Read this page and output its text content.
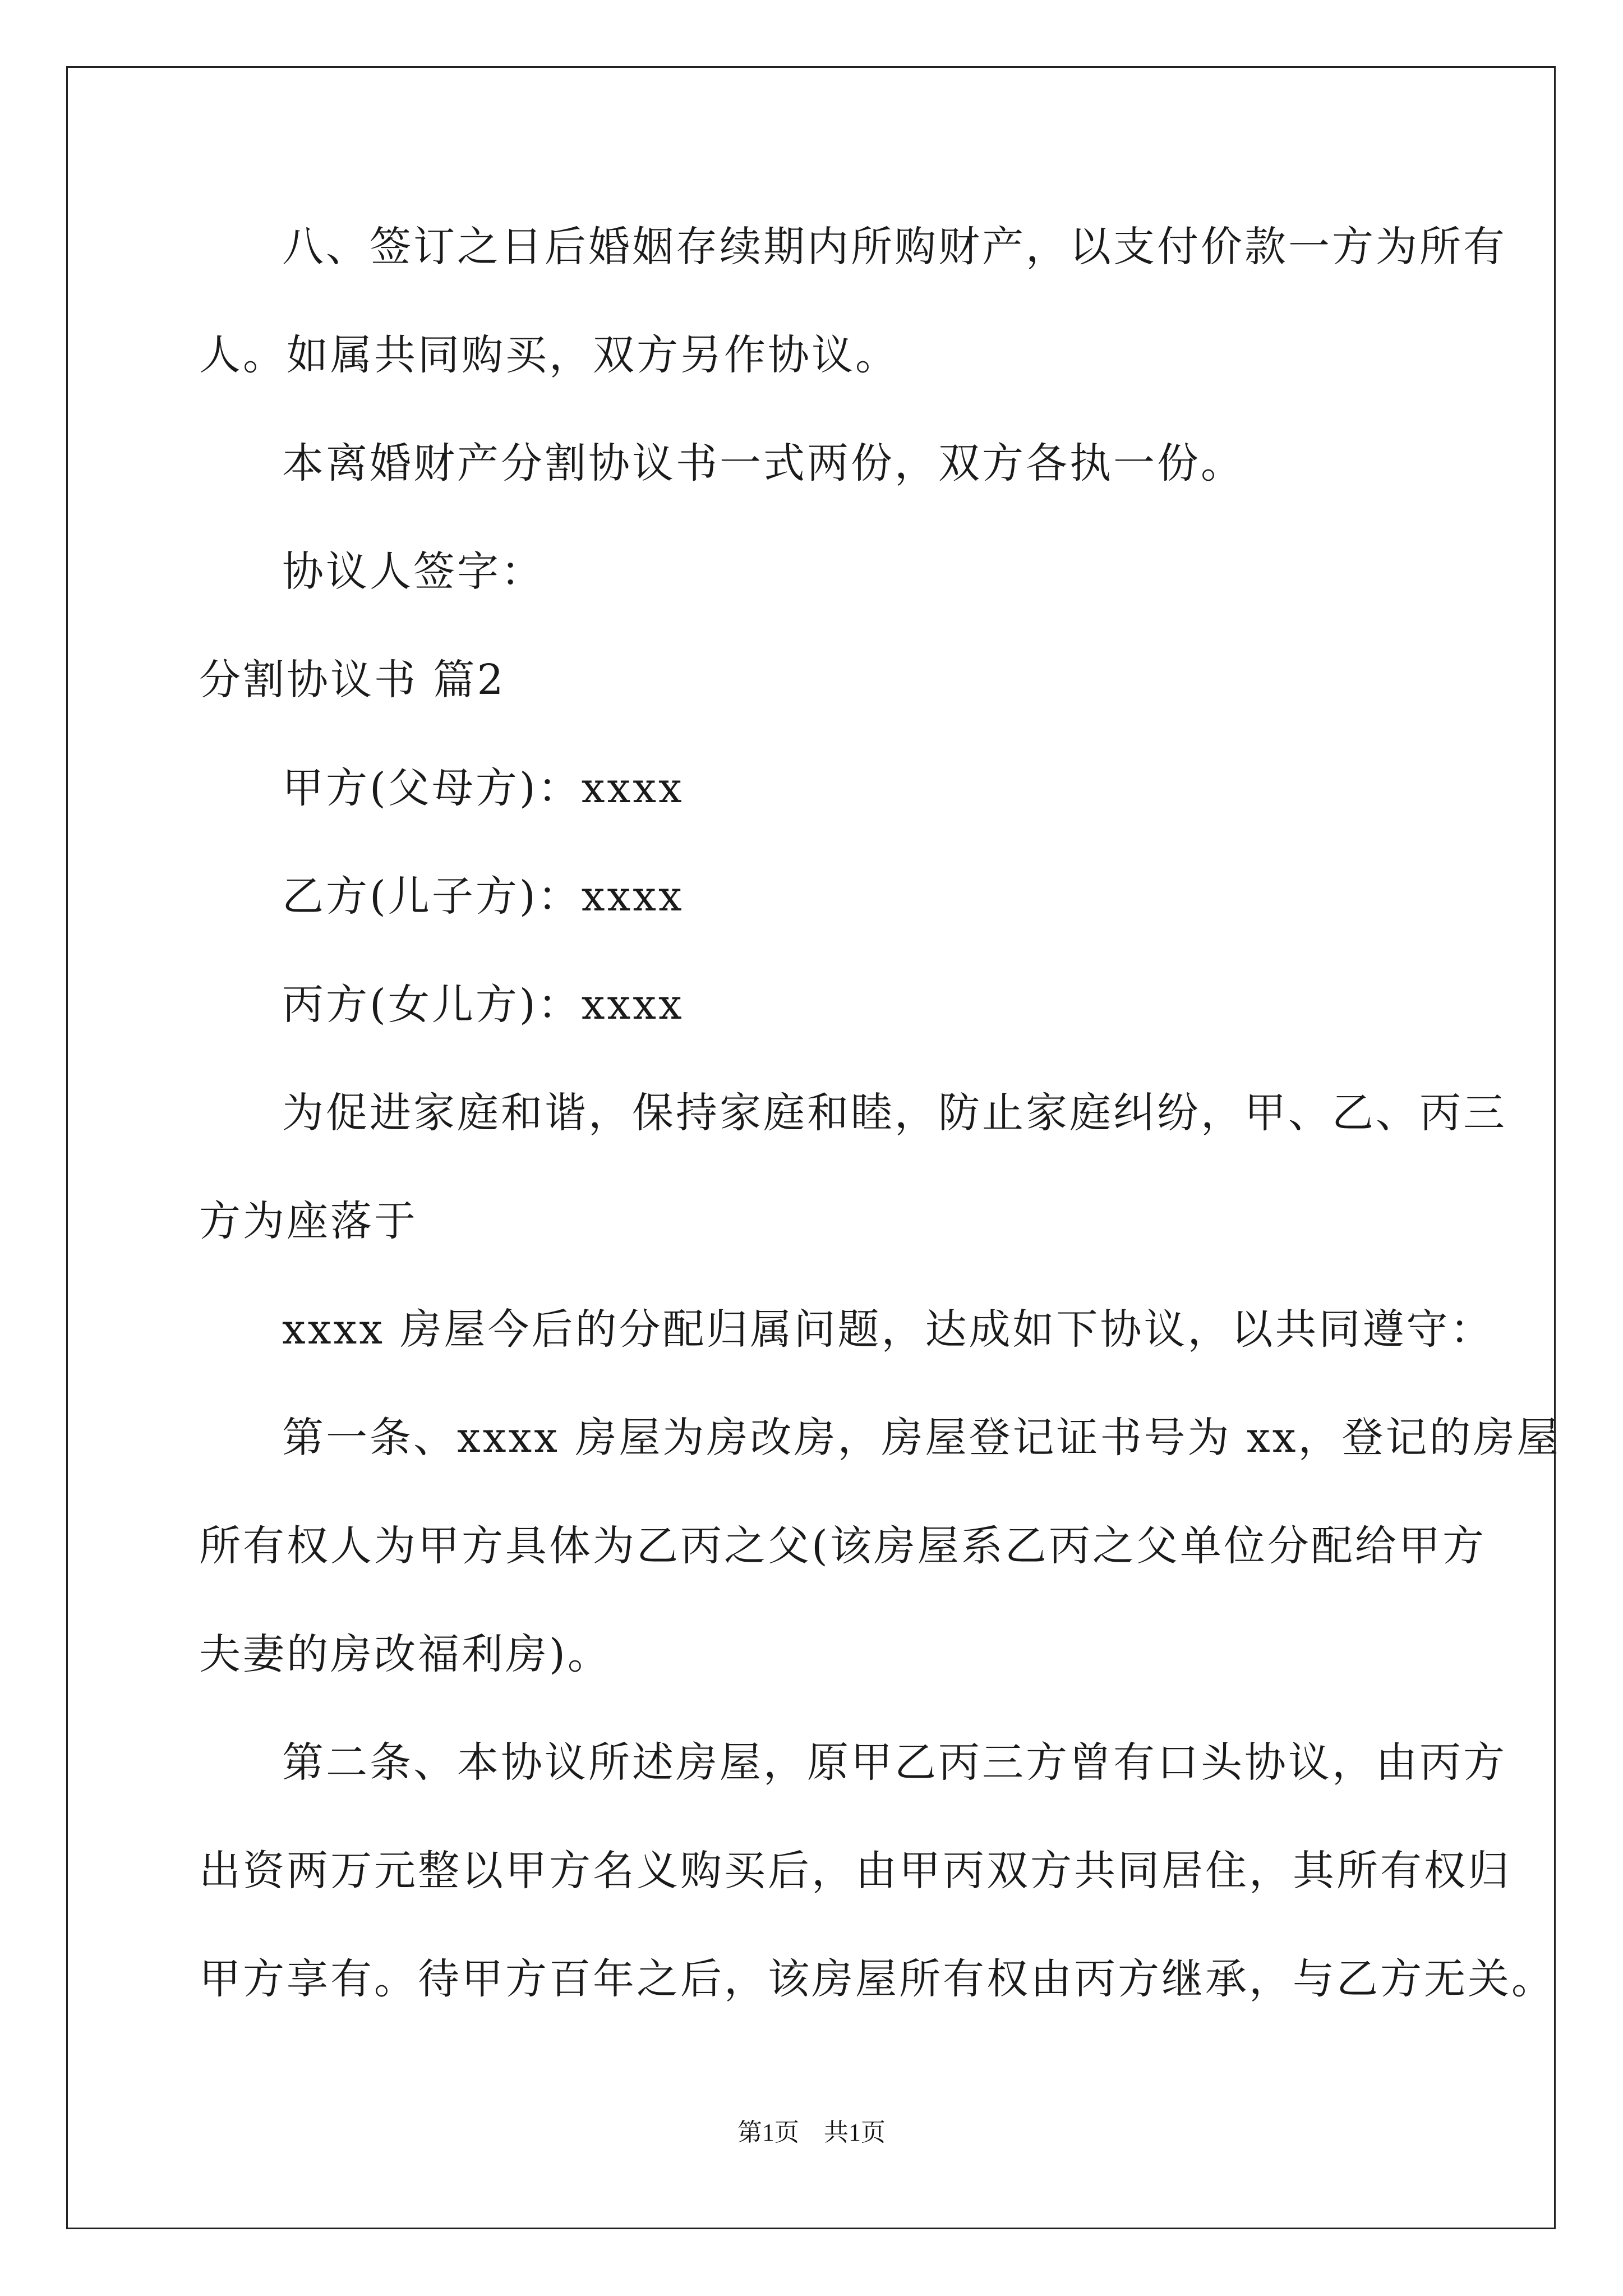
八、签订之日后婚姻存续期内所购财产，以支付价款一方为所有
人。如属共同购买，双方另作协议。
本离婚财产分割协议书一式两份，双方各执一份。
协议人签字：
分割协议书 篇2
甲方(父母方)：xxxx
乙方(儿子方)：xxxx
丙方(女儿方)：xxxx
为促进家庭和谐，保持家庭和睦，防止家庭纠纷，甲、乙、丙三
方为座落于
xxxx 房屋今后的分配归属问题，达成如下协议，以共同遵守：
第一条、xxxx 房屋为房改房，房屋登记证书号为 xx，登记的房屋
所有权人为甲方具体为乙丙之父(该房屋系乙丙之父单位分配给甲方
夫妻的房改福利房)。
第二条、本协议所述房屋，原甲乙丙三方曾有口头协议，由丙方
出资两万元整以甲方名义购买后，由甲丙双方共同居住，其所有权归
甲方享有。待甲方百年之后，该房屋所有权由丙方继承，与乙方无关。
第1页　共1页
